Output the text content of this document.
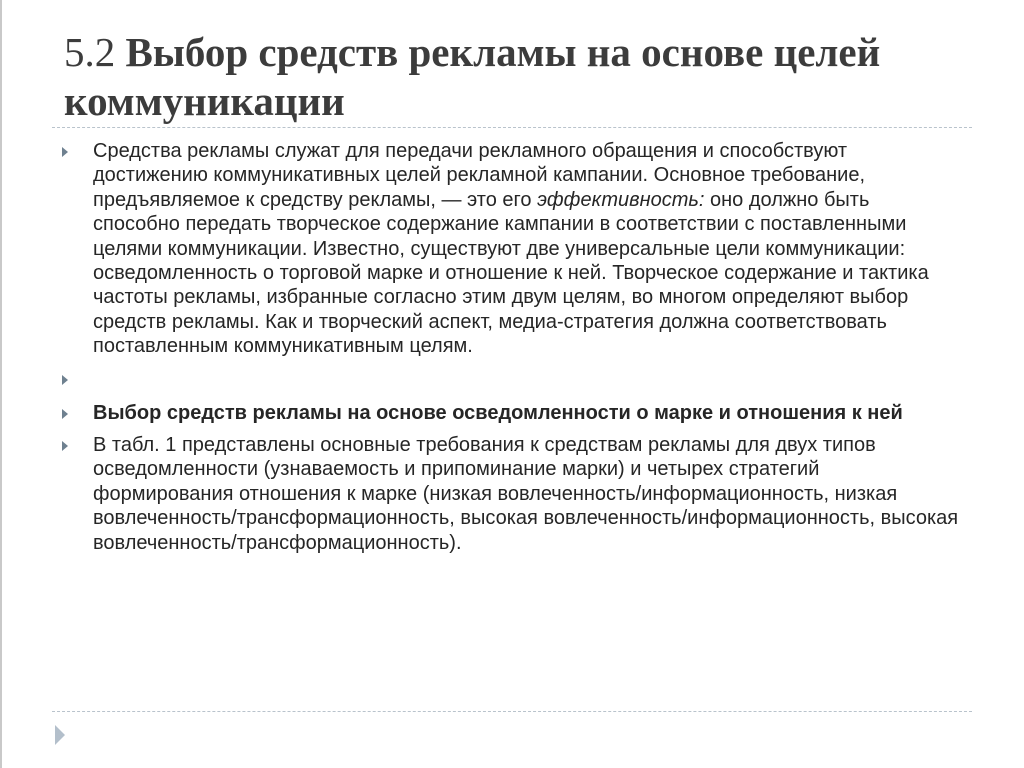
5.2 Выбор средств рекламы на основе целей коммуникации
Средства рекламы служат для передачи рекламного обращения и способствуют достижению коммуникативных целей рекламной кампании. Основное требование, предъявляемое к средству рекламы, — это его эффективность: оно должно быть способно передать творческое содержание кампании в соответствии с поставленными целями коммуникации. Известно, существуют две универсальные цели коммуникации: осведомленность о торговой марке и отношение к ней. Творческое содержание и тактика частоты рекламы, избранные согласно этим двум целям, во многом определяют выбор средств рекламы. Как и творческий аспект, медиа-стратегия должна соответствовать поставленным коммуникативным целям.
Выбор средств рекламы на основе осведомленности о марке и отношения к ней
В табл. 1 представлены основные требования к средствам рекламы для двух типов осведомленности (узнаваемость и припоминание марки) и четырех стратегий формирования отношения к марке (низкая вовлеченность/информационность, низкая вовлеченность/трансформационность, высокая вовлеченность/информационность, высокая вовлеченность/трансформационность).
